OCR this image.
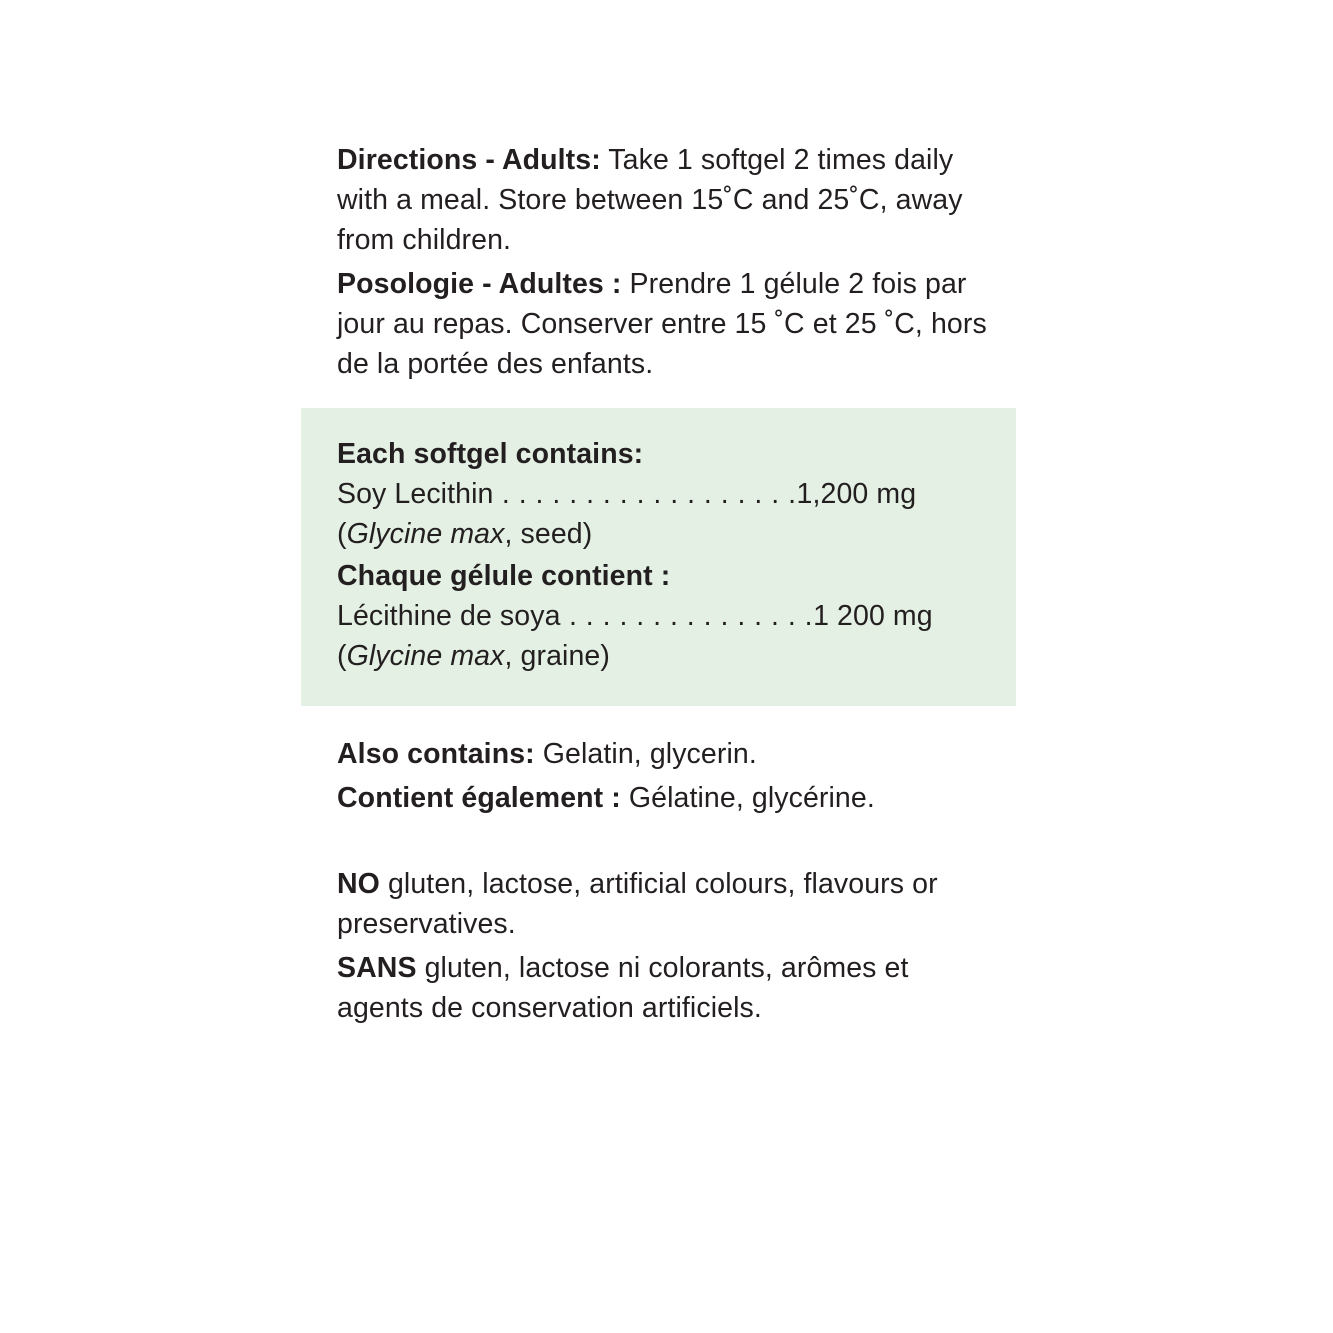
Directions - Adults: Take 1 softgel 2 times daily with a meal. Store between 15˚C and 25˚C, away from children.

Posologie - Adultes : Prendre 1 gélule 2 fois par jour au repas. Conserver entre 15 ˚C et 25 ˚C, hors de la portée des enfants.

Each softgel contains:

Soy Lecithin . . . . . . . . . . . . . . . . . .1,200 mg

(Glycine max, seed)

Chaque gélule contient :

Lécithine de soya . . . . . . . . . . . . . . .1 200 mg

(Glycine max, graine)

Also contains: Gelatin, glycerin.

Contient également : Gélatine, glycérine.

NO gluten, lactose, artificial colours, flavours or preservatives.

SANS gluten, lactose ni colorants, arômes et agents de conservation artificiels.
